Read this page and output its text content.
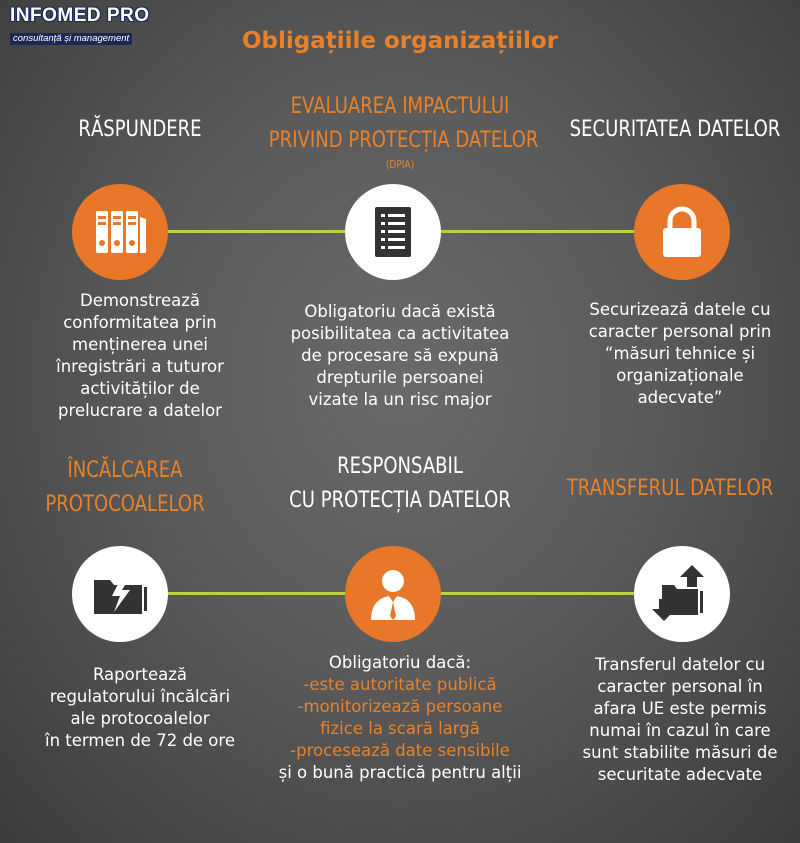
INFOMED PRO
consultanță și management	Obligațiile organizațiilor
RĂSPUNDERE
EVALUAREA IMPACTULUI
PRIVIND PROTECȚIA DATELOR
(DPIA)
SECURITATEA DATELOR
Demonstrează
conformitatea prin
menținerea unei
înregistrări a tuturor
activităților de
prelucrare a datelor
Obligatoriu dacă există
posibilitatea ca activitatea
de procesare să expună
drepturile persoanei
vizate la un risc major
Securizează datele cu
caracter personal prin
“măsuri tehnice și
organizaționale
adecvate”
ÎNCĂLCAREA
PROTOCOALELOR
RESPONSABIL
CU PROTECȚIA DATELOR	TRANSFERUL DATELOR
Raportează
regulatorului încălcări
ale protocoalelor
în termen de 72 de ore
Obligatoriu dacă:
-este autoritate publică
-monitorizează persoane
fizice la scară largă
-procesează date sensibile
și o bună practică pentru alții
Transferul datelor cu
caracter personal în
afara UE este permis
numai în cazul în care
sunt stabilite măsuri de
securitate adecvate
